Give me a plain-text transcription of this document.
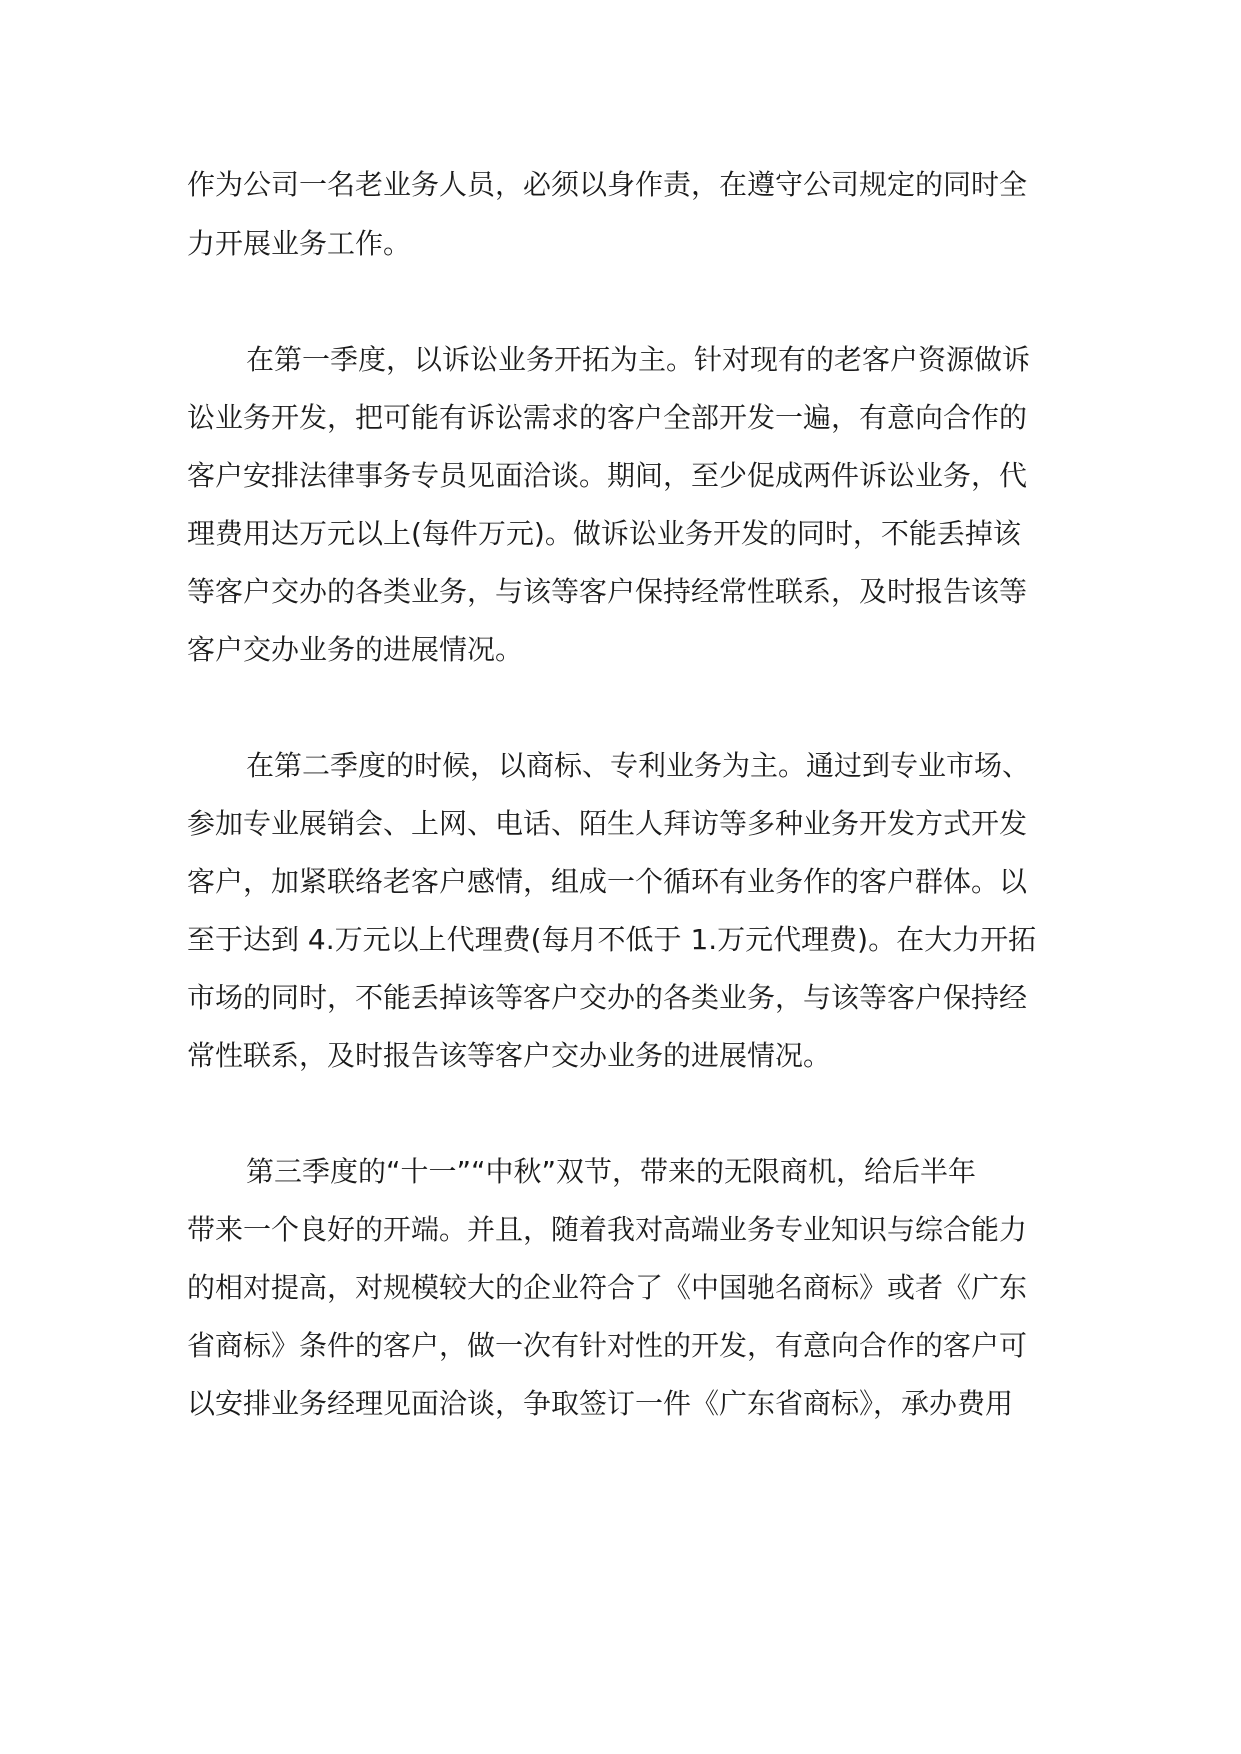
作为公司一名老业务人员，必须以身作责，在遵守公司规定的同时全
力开展业务工作。
在第一季度，以诉讼业务开拓为主。针对现有的老客户资源做诉
讼业务开发，把可能有诉讼需求的客户全部开发一遍，有意向合作的
客户安排法律事务专员见面洽谈。期间，至少促成两件诉讼业务，代
理费用达万元以上(每件万元)。做诉讼业务开发的同时，不能丢掉该
等客户交办的各类业务，与该等客户保持经常性联系，及时报告该等
客户交办业务的进展情况。
在第二季度的时候，以商标、专利业务为主。通过到专业市场、
参加专业展销会、上网、电话、陌生人拜访等多种业务开发方式开发
客户，加紧联络老客户感情，组成一个循环有业务作的客户群体。以
至于达到 4.万元以上代理费(每月不低于 1.万元代理费)。在大力开拓
市场的同时，不能丢掉该等客户交办的各类业务，与该等客户保持经
常性联系，及时报告该等客户交办业务的进展情况。
第三季度的“十一”“中秋”双节，带来的无限商机，给后半年
带来一个良好的开端。并且，随着我对高端业务专业知识与综合能力
的相对提高，对规模较大的企业符合了《中国驰名商标》或者《广东
省商标》条件的客户，做一次有针对性的开发，有意向合作的客户可
以安排业务经理见面洽谈，争取签订一件《广东省商标》，承办费用
